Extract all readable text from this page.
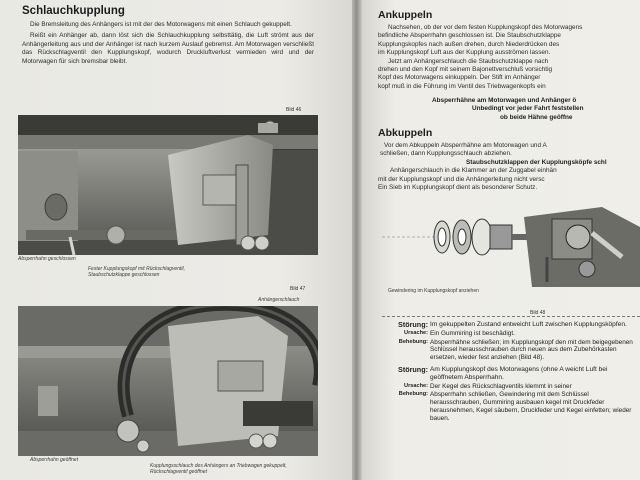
Schlauchkupplung

Die Bremsleitung des Anhängers ist mit der des Motorwagens mit einen Schlauch gekuppelt.

Reißt ein Anhänger ab, dann löst sich die Schlauchkupplung selbsttätig, die Luft strömt aus der Anhängerleitung aus und der Anhänger ist nach kurzem Auslauf gebremst. Am Motorwagen verschließt das Rückschlagventil den Kupplungskopf, wodurch Druckluftverlust vermieden wird und der Motorwagen für sich bremsbar bleibt.

Bild 46
Absperrhahn geschlossen
Fester Kupplungskopf mit Rückschlagventil, Staubschutzklappe geschlossen
Bild 47
Anhängerschlauch
Absperrhahn geöffnet
Kupplungsschlauch des Anhängers an Triebwagen gekuppelt, Rückschlagventil geöffnet
Ankuppeln
Nachsehen, ob der vor dem festen Kupplungskopf des Motorwagens
befindliche Absperrhahn geschlossen ist. Die Staubschutzklappe
Kupplungskopfes nach außen drehen, durch Niederdrücken des
im Kupplungskopf Luft aus der Kupplung ausströmen lassen.
Jetzt am Anhängerschlauch die Staubschutzklappe nach
drehen und den Kopf mit seinem Bajonettverschluß vorsichtig
Kopf des Motorwagens einkuppeln. Der Stift im Anhänger
kopf muß in die Führung im Ventil des Triebwagenkopfs ein
Absperrhähne am Motorwagen und Anhänger ö
Unbedingt vor jeder Fahrt feststellen
ob beide Hähne geöffne
Abkuppeln
Vor dem Abkuppeln Absperrhähne am Motorwagen und A
schließen, dann Kupplungsschlauch abziehen.
Staubschutzklappen der Kupplungsköpfe schl
Anhängerschlauch in die Klammer an der Zuggabel einhän
mit der Kupplungskopf und die Anhängerleitung nicht versc
Ein Sieb im Kupplungskopf dient als besonderer Schutz.
Gewindering im Kupplungskopf anziehen
Bild 48
Störung:	Im gekuppelten Zustand entweicht Luft zwischen Kupplungsköpfen.
Ursache:	Ein Gummiring ist beschädigt.
Behebung:	Absperrhähne schließen; im Kupplungskopf den mit dem beigegebenen Schlüssel herausschrauben durch neuen aus dem Zubehörkasten ersetzen, wieder fest anziehen (Bild 48).
Störung:	Am Kupplungskopf des Motorwagens (ohne A weicht Luft bei geöffnetem Absperrhahn.
Ursache:	Der Kegel des Rückschlagventils klemmt in seiner
Behebung:	Absperrhahn schließen, Gewindering mit dem Schlüssel herausschrauben, Gummiring ausbauen kegel mit Druckfeder herausnehmen, Kegel säubern, Druckfeder und Kegel einfetten; wieder bauen.
